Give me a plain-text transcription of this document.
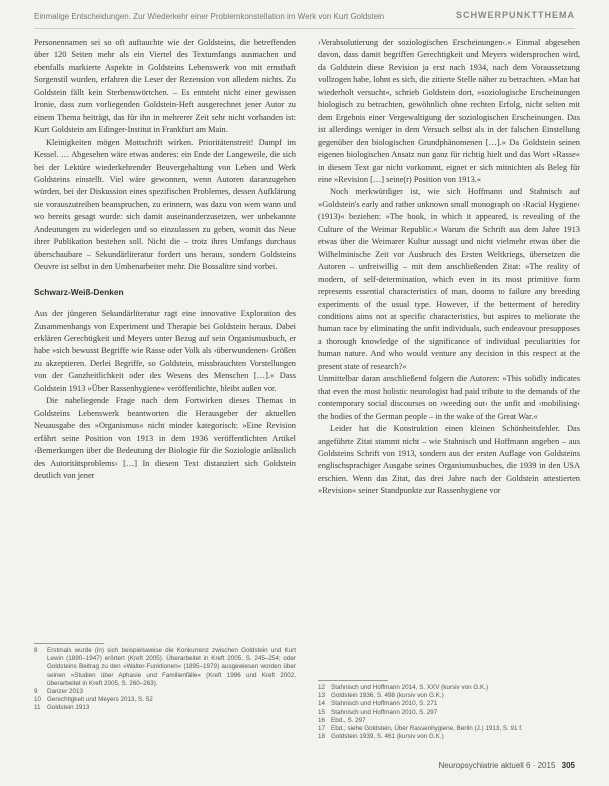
Einmalige Entscheidungen. Zur Wiederkehr einer Problemkonstellation im Werk von Kurt Goldstein	SCHWERPUNKTTHEMA

Personennamen sei so oft auftauchte wie der Goldsteins, die betreffenden über 120 Seiten mehr als ein Viertel des Textumfangs ausmachen und ebenfalls markierte Aspekte in Goldsteins Lebenswerk von mit ernsthaft Sorgenstil wurden, erfahren die Leser der Rezension von alledem nichts. Zu Goldstein fällt kein Sterbenswörtchen. – Es entsteht nicht einer gewissen Ironie, dass zum vorliegenden Goldstein-Heft ausgerechnet jener Autor zu einem Thema beiträgt, das für ihn in mehrerer Zeit sehr nicht vorhanden ist: Kurt Goldstein am Edinger-Institut in Frankfurt am Main.

Kleinigkeiten mögen Mottschrift wirken. Prioritätenstreit! Dampf im Kessel. … Abgesehen wäre etwas anderes: ein Ende der Langeweile, die sich bei der Lektüre wiederkehrender Beuvergehaltung von Leben und Werk Goldsteins einstellt. Viel wäre gewonnen, wenn Autoren daranzugehen würden, bei der Diskussion eines spezifischen Problemes, dessen Aufklärung sie vorauszutreiben beanspruchen, zu erinnern, was dazu von wem wann und wo bereits gesagt wurde: sich damit auseinanderzusetzen, wer unbekannte Andeutungen zu widerlegen und so einzulassen zu geben, womit das Neue ihrer Publikation bestehen soll. Nicht die – trotz ihres Umfangs durchaus überschaubare – Sekundärliteratur fordert uns heraus, sondern Goldsteins Oeuvre ist selbst in den Umbenarbeiter mehr. Die Bossalitre sind vorbei.

Schwarz-Weiß-Denken

Aus der jüngeren Sekundärliteratur ragt eine innovative Exploration des Zusammenhangs von Experiment und Therapie bei Goldstein heraus. Dabei erklären Gerechtigkeit und Meyers unter Bezug auf sein Organismusbuch, er habe »sich bewusst Begriffe wie Rasse oder Volk als ›überwundenen‹ Größen zu akzeptieren. Derlei Begriffe, so Goldstein, missbrauchten Vorstellungen von der Ganzheitlichkeit oder des Wesens des Menschen […].« Dass Goldstein 1913 »Über Rassenhygiene« veröffentlichte, bleibt außen vor.

Die naheliegende Frage nach dem Fortwirken dieses Themas in Goldsteins Lebenswerk beantworten die Herausgeber der aktuellen Neuausgabe des »Organismus« nicht minder kategorisch: »Eine Revision erfährt seine Position von 1913 in dem 1936 veröffentlichten Artikel ›Bemerkungen über die Bedeutung der Biologie für die Soziologie anlässlich des Autoritätsproblems‹ […] In diesem Text distanziert sich Goldstein deutlich von jener

8	Erstmals wurde (in) sich beispielsweise die Konkurrenz zwischen Goldstein und Kurt Lewin (1890–1947) erörtert (Kreft 2005). Überarbeitet in Kreft 2005, S. 245–254; oder Goldsteins Beitrag zu den »Walter-Funktionen« (1895–1979) ausgewiesen worden über seinen »Studien über Aphasie und Familienfälle« (Kreft 1996 und Kreft 2002, überarbeitet in Kreft 2005, S. 260–263).
9	Danzer 2013
10 Gerechtigkeit und Meyers 2013, S. 52
11	Goldstein 1913

›Verabsolutierung der soziologischen Erscheinungen‹.« Einmal abgesehen davon, dass damit begriffen Gerechtigkeit und Meyers widersprochen wird, da Goldstein diese Revision ja erst nach 1934, nach dem Voraussetzung vollzogen habe, lohnt es sich, die zitierte Stelle näher zu betrachten. »Man hat wiederholt versucht«, schrieb Goldstein dort, »soziologische Erscheinungen biologisch zu betrachten, gewöhnlich ohne rechten Erfolg, nicht selten mit dem Ergebnis einer Vergewaltigung der soziologischen Erscheinungen. Das ist allerdings weniger in dem Versuch selbst als in der falschen Einstellung gegenüber den biologischen Grundphänomenen […].« Da Goldstein seinen eigenen biologischen Ansatz nun ganz für richtig hielt und das Wort »Rasse« in diesem Text gar nicht vorkommt, eignet er sich mitnichten als Beleg für eine »Revision […] seine(r) Position von 1913.«

Noch merkwürdiger ist, wie sich Hoffmann und Stahnisch auf »Goldstein's early and rather unknown small monograph on ›Racial Hygiene‹ (1913)« beziehen: »The book, in which it appeared, is revealing of the Culture of the Weimar Republic.« Warum die Schrift aus dem Jahre 1913 etwas über die Weimarer Kultur aussagt und nicht vielmehr etwas über die Wilhelminische Zeit vor Ausbruch des Ersten Weltkriegs, übersetzen die Autoren – unfreiwillig – mit dem anschließenden Zitat: »The reality of modern, of self-determination, which even in its most primitive form represents essential characteristics of man, dooms to failure any breeding experiments of the usual type. However, if the betterment of heredity conditions aims not at specific characteristics, but aspires to meliorate the human race by eliminating the unfit individuals, such endeavour presupposes a thorough knowledge of the significance of individual peculiarities for human nature. And who would venture any decision in this respect at the present state of research?«

Unmittelbar daran anschließend folgern die Autoren: »This solidly indicates that even the most holistic neurologist had paid tribute to the demands of the contemporary social discourses on ›weeding out‹ the unfit and ›mobilising‹ the bodies of the German people – in the wake of the Great War.«

Leider hat die Konstruktion einen kleinen Schönheitsfehler. Das angeführte Zitat stammt nicht – wie Stahnisch und Hoffmann angeben – aus Goldsteins Schrift von 1913, sondern aus der ersten Auflage von Goldsteins englischsprachiger Ausgabe seines Organismusbuches, die 1939 in den USA erschien. Wenn das Zitat, das drei Jahre nach der Goldstein attestierten »Revision« seiner Standpunkte zur Rassenhygiene vor

12 Stahnisch und Hoffmann 2014, S. XXV (kursiv von G.K.)
13 Goldstein 1936, S. 498 (kursiv von G.K.)
14 Stahnisch und Hoffmann 2010, S. 271
15 Stahnisch und Hoffmann 2010, S. 297
16 Ebd., S. 297
17 Ebd.; siehe Goldstein, Über Rassenhygiene, Berlin (J.) 1913, S. 91 f.
18 Goldstein 1939, S. 461 (kursiv von G.K.)
Neuropsychiatrie aktuell 6 · 2015 305
